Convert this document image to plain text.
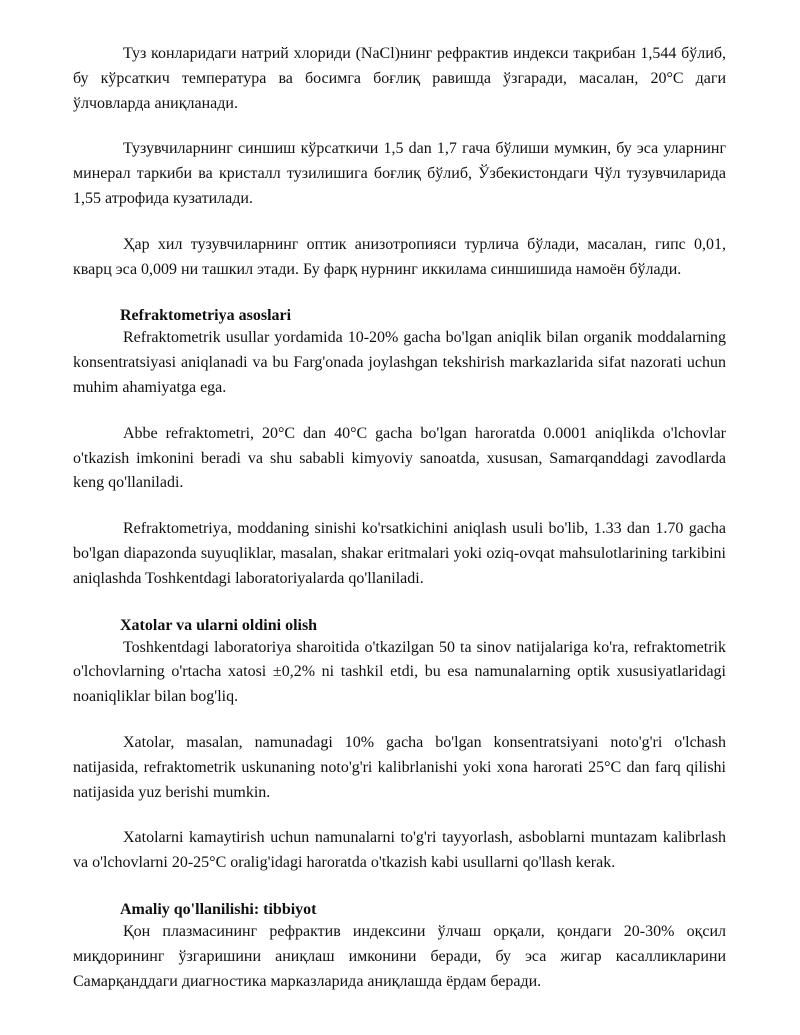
Туз конларидаги натрий хлориди (NaCl)нинг рефрактив индекси тақрибан 1,544 бўлиб, бу кўрсаткич температура ва босимга боғлиқ равишда ўзгаради, масалан, 20°C даги ўлчовларда аниқланади.

Тузувчиларнинг синшиш кўрсаткичи 1,5 dan 1,7 гача бўлиши мумкин, бу эса уларнинг минерал таркиби ва кристалл тузилишига боғлиқ бўлиб, Ўзбекистондаги Чўл тузувчиларида 1,55 атрофида кузатилади.

Ҳар хил тузувчиларнинг оптик анизотропияси турлича бўлади, масалан, гипс 0,01, кварц эса 0,009 ни ташкил этади. Бу фарқ нурнинг иккилама синшишида намоён бўлади.

Refraktometriya asoslari

Refraktometrik usullar yordamida 10-20% gacha bo'lgan aniqlik bilan organik moddalarning konsentratsiyasi aniqlanadi va bu Farg'onada joylashgan tekshirish markazlarida sifat nazorati uchun muhim ahamiyatga ega.

Abbe refraktometri, 20°C dan 40°C gacha bo'lgan haroratda 0.0001 aniqlikda o'lchovlar o'tkazish imkonini beradi va shu sababli kimyoviy sanoatda, xususan, Samarqanddagi zavodlarda keng qo'llaniladi.

Refraktometriya, moddaning sinishi ko'rsatkichini aniqlash usuli bo'lib, 1.33 dan 1.70 gacha bo'lgan diapazonda suyuqliklar, masalan, shakar eritmalari yoki oziq-ovqat mahsulotlarining tarkibini aniqlashda Toshkentdagi laboratoriyalarda qo'llaniladi.

Xatolar va ularni oldini olish

Toshkentdagi laboratoriya sharoitida o'tkazilgan 50 ta sinov natijalariga ko'ra, refraktometrik o'lchovlarning o'rtacha xatosi ±0,2% ni tashkil etdi, bu esa namunalarning optik xususiyatlaridagi noaniqliklar bilan bog'liq.

Xatolar, masalan, namunadagi 10% gacha bo'lgan konsentratsiyani noto'g'ri o'lchash natijasida, refraktometrik uskunaning noto'g'ri kalibrlanishi yoki xona harorati 25°C dan farq qilishi natijasida yuz berishi mumkin.

Xatolarni kamaytirish uchun namunalarni to'g'ri tayyorlash, asboblarni muntazam kalibrlash va o'lchovlarni 20-25°C oralig'idagi haroratda o'tkazish kabi usullarni qo'llash kerak.

Amaliy qo'llanilishi: tibbiyot

Қон плазмасининг рефрактив индексини ўлчаш орқали, қондаги 20-30% оқсил миқдорининг ўзгаришини аниқлаш имконини беради, бу эса жигар касалликларини Самарқанддаги диагностика марказларида аниқлашда ёрдам беради.
